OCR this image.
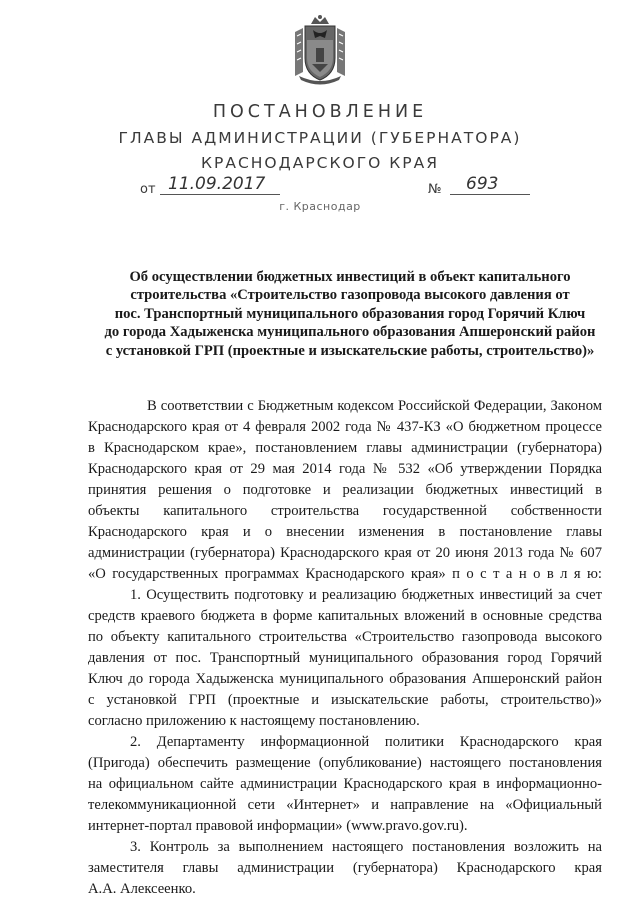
ПОСТАНОВЛЕНИЕ
ГЛАВЫ АДМИНИСТРАЦИИ (ГУБЕРНАТОРА)
КРАСНОДАРСКОГО КРАЯ
от 11.09.2017	№ 693
г. Краснодар
Об осуществлении бюджетных инвестиций в объект капитального
строительства «Строительство газопровода высокого давления от
пос. Транспортный муниципального образования город Горячий Ключ
до города Хадыженска муниципального образования Апшеронский район
с установкой ГРП (проектные и изыскательские работы, строительство)»
В соответствии с Бюджетным кодексом Российской Федерации, Законом
Краснодарского края от 4 февраля 2002 года № 437-КЗ «О бюджетном процессе
в Краснодарском крае», постановлением главы администрации (губернатора)
Краснодарского края от 29 мая 2014 года № 532 «Об утверждении Порядка
принятия решения о подготовке и реализации бюджетных инвестиций в
объекты капитального строительства государственной собственности
Краснодарского края и о внесении изменения в постановление главы
администрации (губернатора) Краснодарского края от 20 июня 2013 года № 607
«О государственных программах Краснодарского края» п о с т а н о в л я ю:
1. Осуществить подготовку и реализацию бюджетных инвестиций за счет
средств краевого бюджета в форме капитальных вложений в основные средства
по объекту капитального строительства «Строительство газопровода высокого
давления от пос. Транспортный муниципального образования город Горячий
Ключ до города Хадыженска муниципального образования Апшеронский район
с установкой ГРП (проектные и изыскательские работы, строительство)»
согласно приложению к настоящему постановлению.
2. Департаменту информационной политики Краснодарского края
(Пригода) обеспечить размещение (опубликование) настоящего постановления
на официальном сайте администрации Краснодарского края в информационно-
телекоммуникационной сети «Интернет» и направление на «Официальный
интернет-портал правовой информации» (www.pravo.gov.ru).
3. Контроль за выполнением настоящего постановления возложить на
заместителя главы администрации (губернатора) Краснодарского края
А.А. Алексеенко.
